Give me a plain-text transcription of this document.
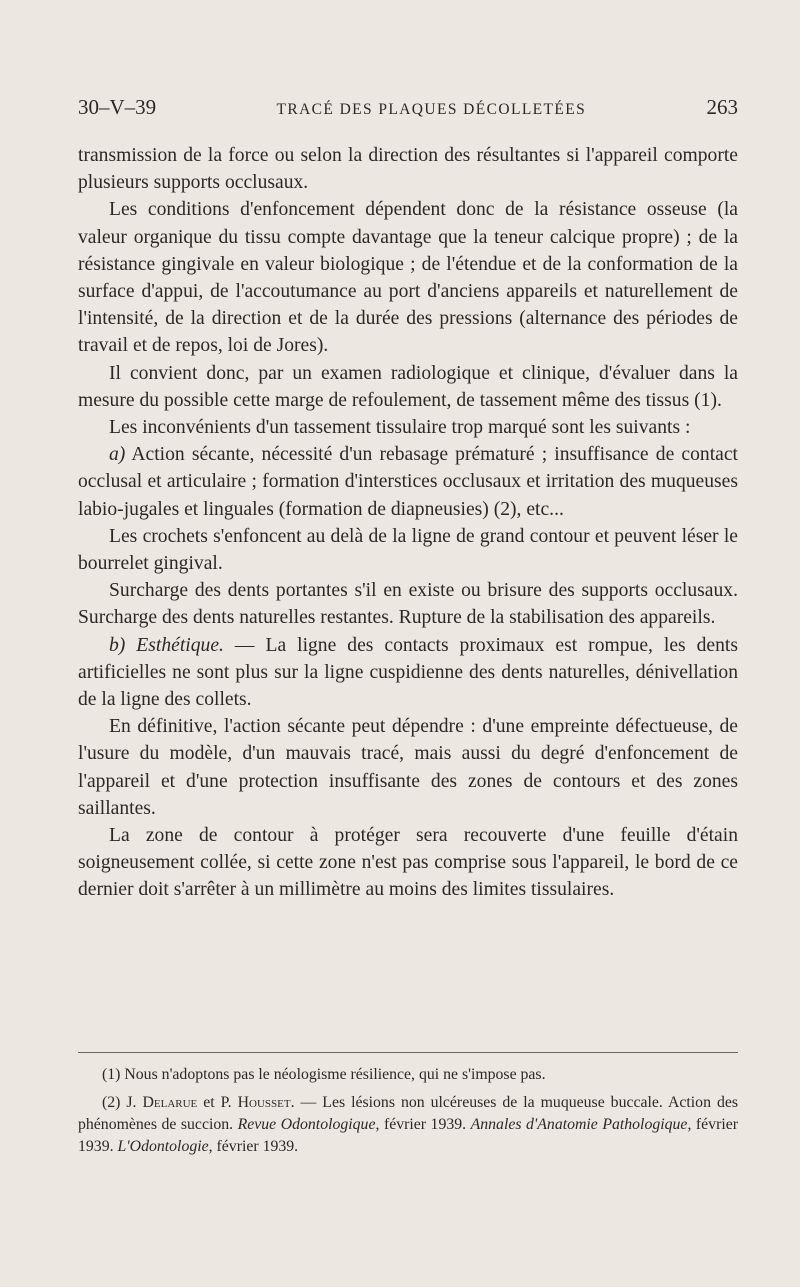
30–V–39	TRACÉ DES PLAQUES DÉCOLLETÉES	263

transmission de la force ou selon la direction des résultantes si l'appareil comporte plusieurs supports occlusaux.

Les conditions d'enfoncement dépendent donc de la résistance osseuse (la valeur organique du tissu compte davantage que la teneur calcique propre) ; de la résistance gingivale en valeur biologique ; de l'étendue et de la conformation de la surface d'appui, de l'accoutumance au port d'anciens appareils et naturellement de l'intensité, de la direction et de la durée des pressions (alternance des périodes de travail et de repos, loi de Jores).

Il convient donc, par un examen radiologique et clinique, d'évaluer dans la mesure du possible cette marge de refoulement, de tassement même des tissus (1).

Les inconvénients d'un tassement tissulaire trop marqué sont les suivants :

a) Action sécante, nécessité d'un rebasage prématuré ; insuffisance de contact occlusal et articulaire ; formation d'interstices occlusaux et irritation des muqueuses labio-jugales et linguales (formation de diapneusies) (2), etc...

Les crochets s'enfoncent au delà de la ligne de grand contour et peuvent léser le bourrelet gingival.

Surcharge des dents portantes s'il en existe ou brisure des supports occlusaux. Surcharge des dents naturelles restantes. Rupture de la stabilisation des appareils.

b) Esthétique. — La ligne des contacts proximaux est rompue, les dents artificielles ne sont plus sur la ligne cuspidienne des dents naturelles, dénivellation de la ligne des collets.

En définitive, l'action sécante peut dépendre : d'une empreinte défectueuse, de l'usure du modèle, d'un mauvais tracé, mais aussi du degré d'enfoncement de l'appareil et d'une protection insuffisante des zones de contours et des zones saillantes.

La zone de contour à protéger sera recouverte d'une feuille d'étain soigneusement collée, si cette zone n'est pas comprise sous l'appareil, le bord de ce dernier doit s'arrêter à un millimètre au moins des limites tissulaires.

(1) Nous n'adoptons pas le néologisme résilience, qui ne s'impose pas.

(2) J. Delarue et P. Housset. — Les lésions non ulcéreuses de la muqueuse buccale. Action des phénomènes de succion. Revue Odontologique, février 1939. Annales d'Anatomie Pathologique, février 1939. L'Odontologie, février 1939.
